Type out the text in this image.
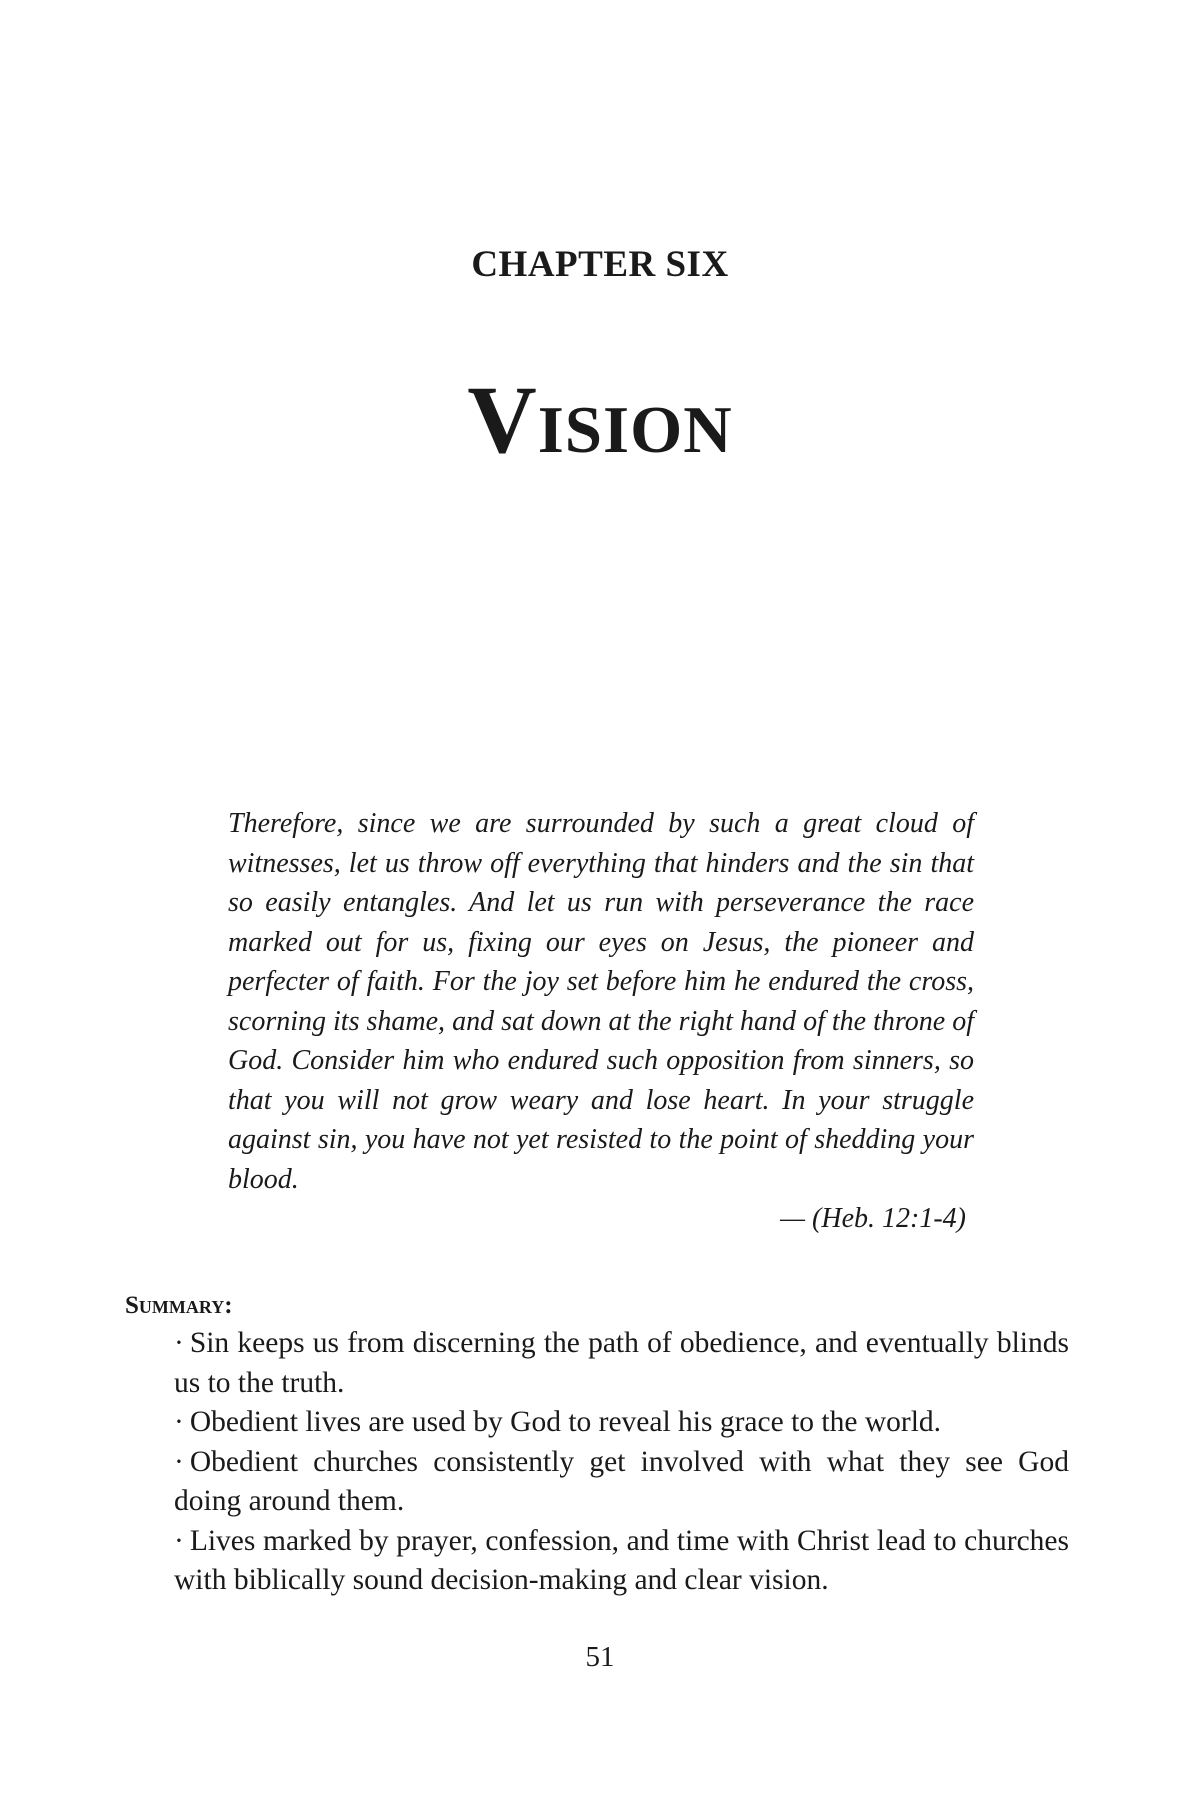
CHAPTER SIX
Vision

Therefore, since we are surrounded by such a great cloud of witnesses, let us throw off everything that hinders and the sin that so easily entangles. And let us run with perseverance the race marked out for us, fixing our eyes on Jesus, the pioneer and perfecter of faith. For the joy set before him he endured the cross, scorning its shame, and sat down at the right hand of the throne of God. Consider him who endured such opposition from sinners, so that you will not grow weary and lose heart. In your struggle against sin, you have not yet resisted to the point of shedding your blood.

— (Heb. 12:1-4)

Summary:
· Sin keeps us from discerning the path of obedience, and eventually blinds us to the truth.
· Obedient lives are used by God to reveal his grace to the world.
· Obedient churches consistently get involved with what they see God doing around them.
· Lives marked by prayer, confession, and time with Christ lead to churches with biblically sound decision-making and clear vision.
51
